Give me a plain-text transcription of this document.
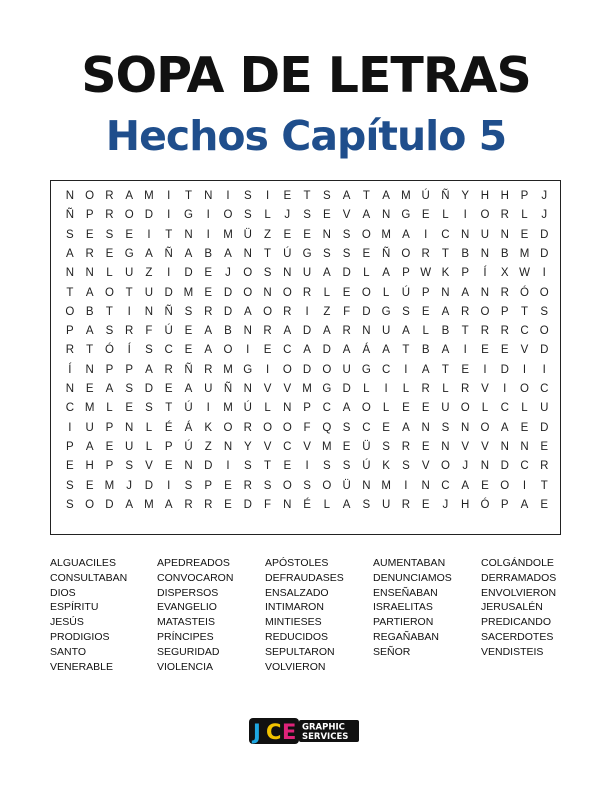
SOPA DE LETRAS
Hechos Capítulo 5
N O R	A M	I	T	N	I	S	I	E	T	S	A	T	A M Ú Ñ	Y	H H	P	J
Ñ	P	R O D	I	G	I	O S	L	J	S	E	V	A	N G E	L	I	O R	L	J
S	E	S	E	I	T	N	I	M Ü	Z	E	E	N	S O M A	I	C N U N	E	D
A	R	E G A	Ñ	A	B	A	N	T	Ú G S	S	E	Ñ O R	T	B	N	B M D
N N	L	U	Z	I	D	E	J	O S	N U	A	D	L	A	P W K	P	Í	X W	I
T	A O	T	U D M E	D O N O R	L	E O	L	Ú	P	N	A	N R Ó O
O B	T	I	N Ñ	S	R D	A O R	I	Z	F	D G S	E	A	R O P	T	S
P	A	S	R	F	Ú	E	A	B	N R	A	D	A	R N U	A	L	B	T	R R C O
R	T	Ó	Í	S	C	E	A O	I	E	C	A	D	A	Á	A	T	B	A	I	E	E	V	D
Í	N	P	P	A	R Ñ R M G	I	O D O U G C	I	A	T	E	I	D	I	I
N	E	A	S	D	E	A	U Ñ N	V	V M G D	L	I	L	R	L	R	V	I	O C
C M	L	E	S	T	Ú	I	M Ú	L	N	P	C	A O	L	E	E	U O	L	C	L	U
I	U	P	N	L	É	Á	K O R O O	F	Q S	C	E	A	N	S	N O A	E	D
P	A	E	U	L	P	Ú	Z	N	Y	V	C	V M E	Ü	S	R	E	N	V	V	N N	E
E	H	P	S	V	E	N D	I	S	T	E	I	S	S	Ú	K	S	V O	J	N D C R
S	E M	J	D	I	S	P	E	R	S O S O Ü N M	I	N C	A	E O	I	T
S O D	A M A	R R	E	D	F	N	É	L	A	S	U R	E	J	H Ó P	A	E
ALGUACILES
CONSULTABAN
DIOS
ESPÍRITU
JESÚS
PRODIGIOS
SANTO
VENERABLE
APEDREADOS
CONVOCARON
DISPERSOS
EVANGELIO
MATASTEIS
PRÍNCIPES
SEGURIDAD
VIOLENCIA
APÓSTOLES
DEFRAUDASES
ENSALZADO
INTIMARON
MINTIESES
REDUCIDOS
SEPULTARON
VOLVIERON
AUMENTABAN
DENUNCIAMOS
ENSEÑABAN
ISRAELITAS
PARTIERON
REGAÑABAN
SEÑOR
COLGÁNDOLE
DERRAMADOS
ENVOLVIERON
JERUSALÉN
PREDICANDO
SACERDOTES
VENDISTEIS
J C E GRAPHIC
SERVICES
